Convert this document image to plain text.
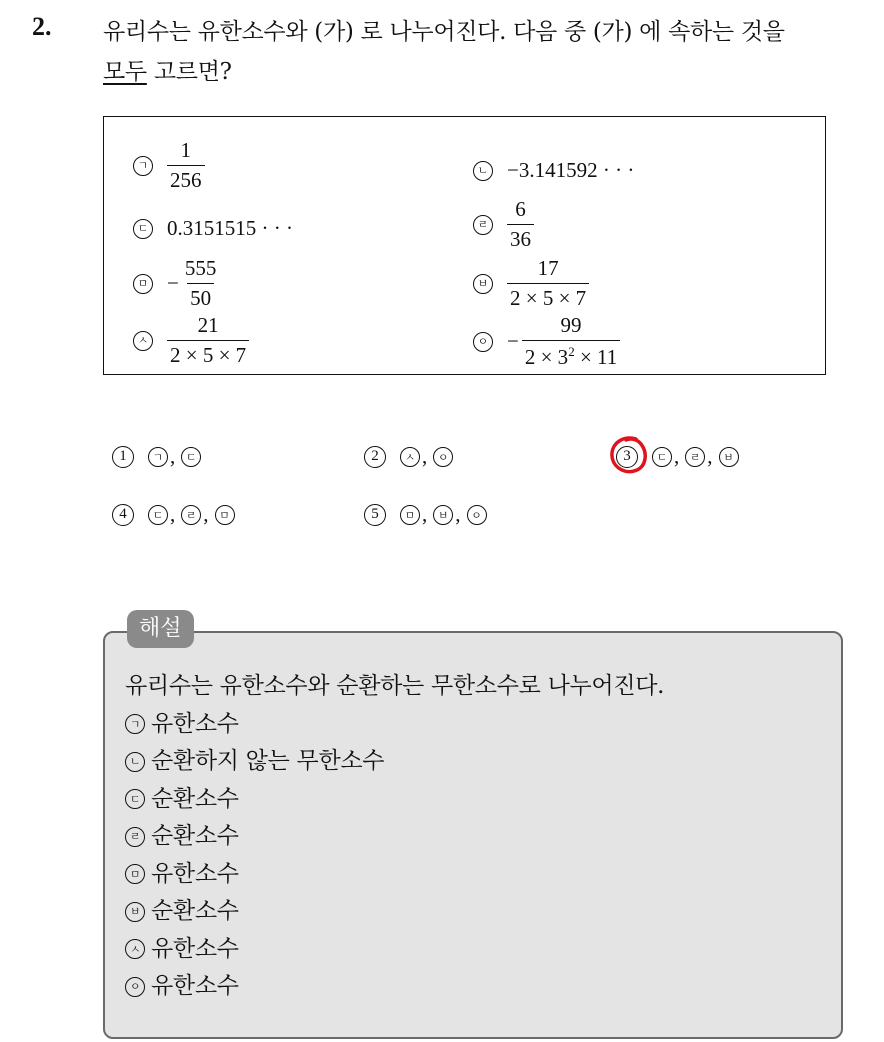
2. 유리수는 유한소수와 (가) 로 나누어진다. 다음 중 (가) 에 속하는 것을
모두 고르면?
ㄱ $\frac{1}{256}$	ㄴ −3.141592 · · ·
ㄷ 0.3151515 · · ·	ㄹ $\frac{6}{36}$
ㅁ − $\frac{555}{50}$	ㅂ $\frac{17}{2 \times 5 \times 7}$
ㅅ $\frac{21}{2 \times 5 \times 7}$	ㅇ − $\frac{99}{2 \times 3^2 \times 11}$
1	ㄱ , ㄷ	2	ㅅ , ㅇ	3	ㄷ , ㄹ , ㅂ
4	ㄷ , ㄹ , ㅁ	5	ㅁ , ㅂ , ㅇ
해설
유리수는 유한소수와 순환하는 무한소수로 나누어진다.
ㄱ 유한소수
ㄴ 순환하지 않는 무한소수
ㄷ 순환소수
ㄹ 순환소수
ㅁ 유한소수
ㅂ 순환소수
ㅅ 유한소수
ㅇ 유한소수
